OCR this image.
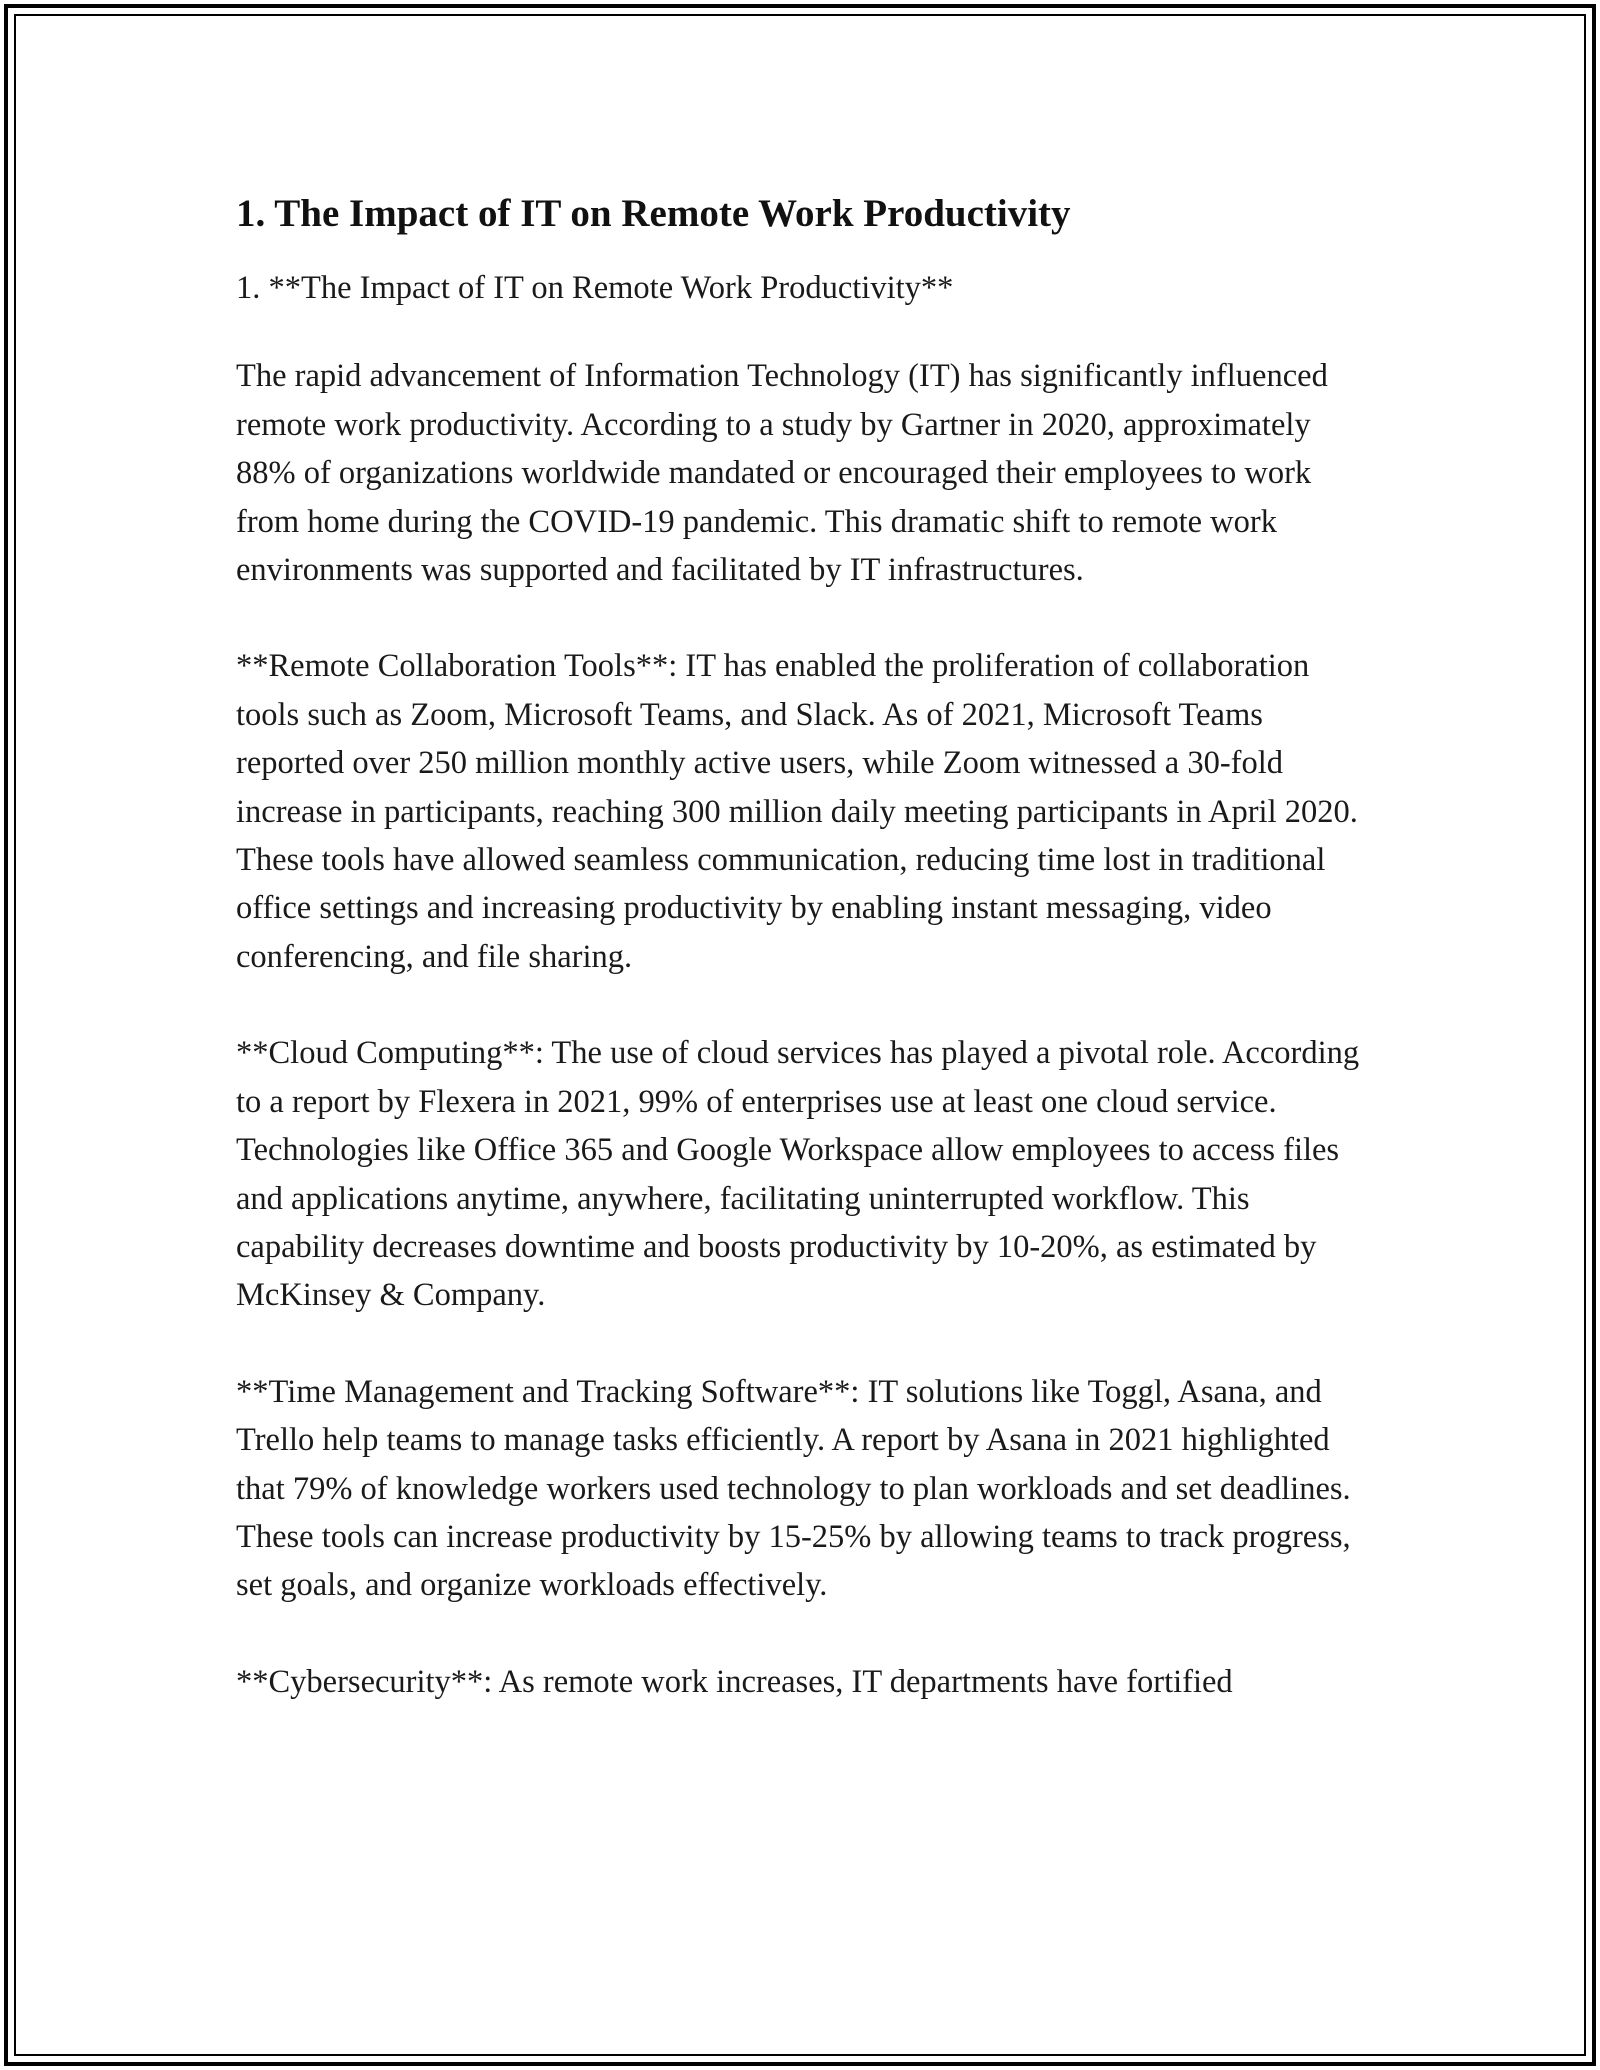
1. The Impact of IT on Remote Work Productivity

1. **The Impact of IT on Remote Work Productivity**

The rapid advancement of Information Technology (IT) has significantly influenced remote work productivity. According to a study by Gartner in 2020, approximately 88% of organizations worldwide mandated or encouraged their employees to work from home during the COVID-19 pandemic. This dramatic shift to remote work environments was supported and facilitated by IT infrastructures.

**Remote Collaboration Tools**: IT has enabled the proliferation of collaboration tools such as Zoom, Microsoft Teams, and Slack. As of 2021, Microsoft Teams reported over 250 million monthly active users, while Zoom witnessed a 30-fold increase in participants, reaching 300 million daily meeting participants in April 2020. These tools have allowed seamless communication, reducing time lost in traditional office settings and increasing productivity by enabling instant messaging, video conferencing, and file sharing.

**Cloud Computing**: The use of cloud services has played a pivotal role. According to a report by Flexera in 2021, 99% of enterprises use at least one cloud service. Technologies like Office 365 and Google Workspace allow employees to access files and applications anytime, anywhere, facilitating uninterrupted workflow. This capability decreases downtime and boosts productivity by 10-20%, as estimated by McKinsey & Company.

**Time Management and Tracking Software**: IT solutions like Toggl, Asana, and Trello help teams to manage tasks efficiently. A report by Asana in 2021 highlighted that 79% of knowledge workers used technology to plan workloads and set deadlines. These tools can increase productivity by 15-25% by allowing teams to track progress, set goals, and organize workloads effectively.

**Cybersecurity**: As remote work increases, IT departments have fortified
